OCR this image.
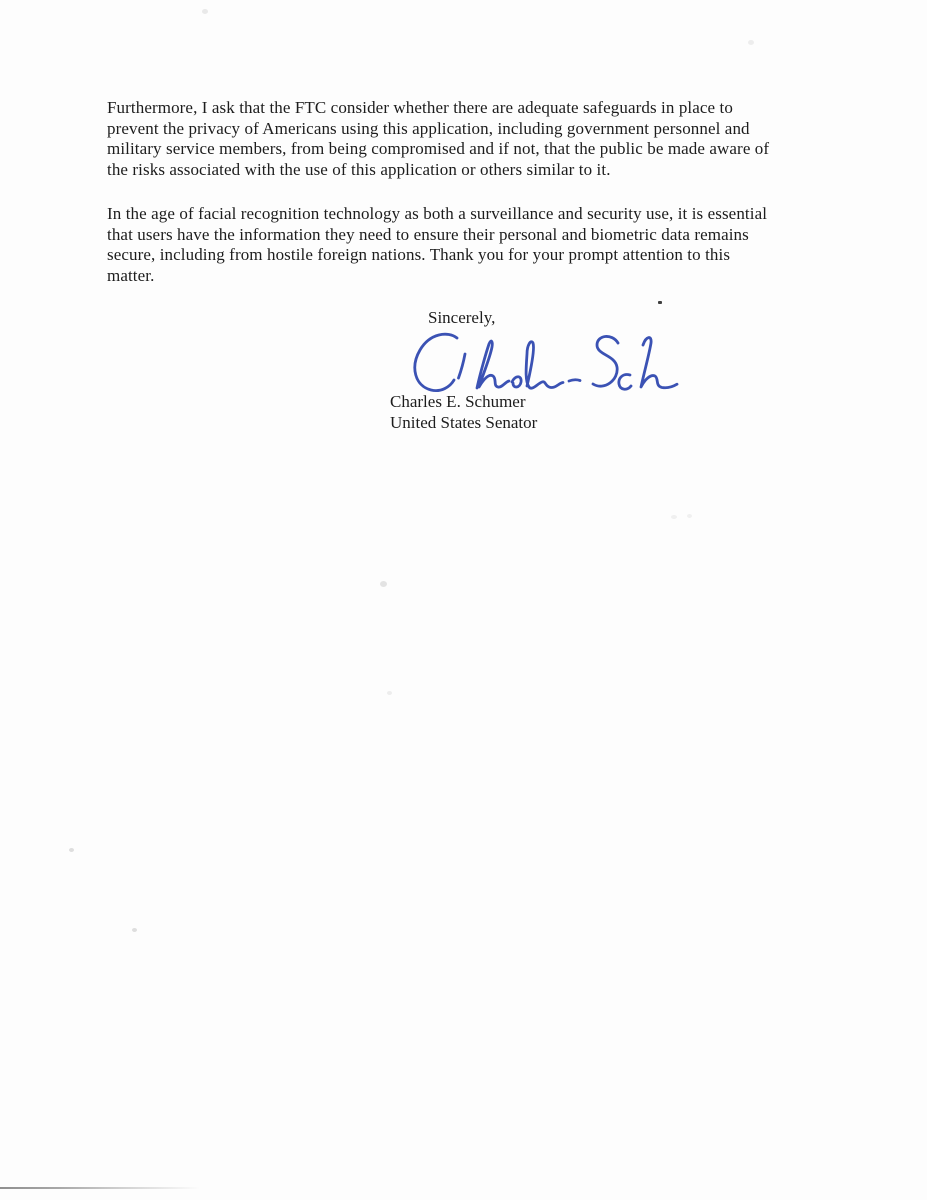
Furthermore, I ask that the FTC consider whether there are adequate safeguards in place to
prevent the privacy of Americans using this application, including government personnel and
military service members, from being compromised and if not, that the public be made aware of
the risks associated with the use of this application or others similar to it.
In the age of facial recognition technology as both a surveillance and security use, it is essential
that users have the information they need to ensure their personal and biometric data remains
secure, including from hostile foreign nations. Thank you for your prompt attention to this
matter.
Sincerely,
Charles E. Schumer
United States Senator
